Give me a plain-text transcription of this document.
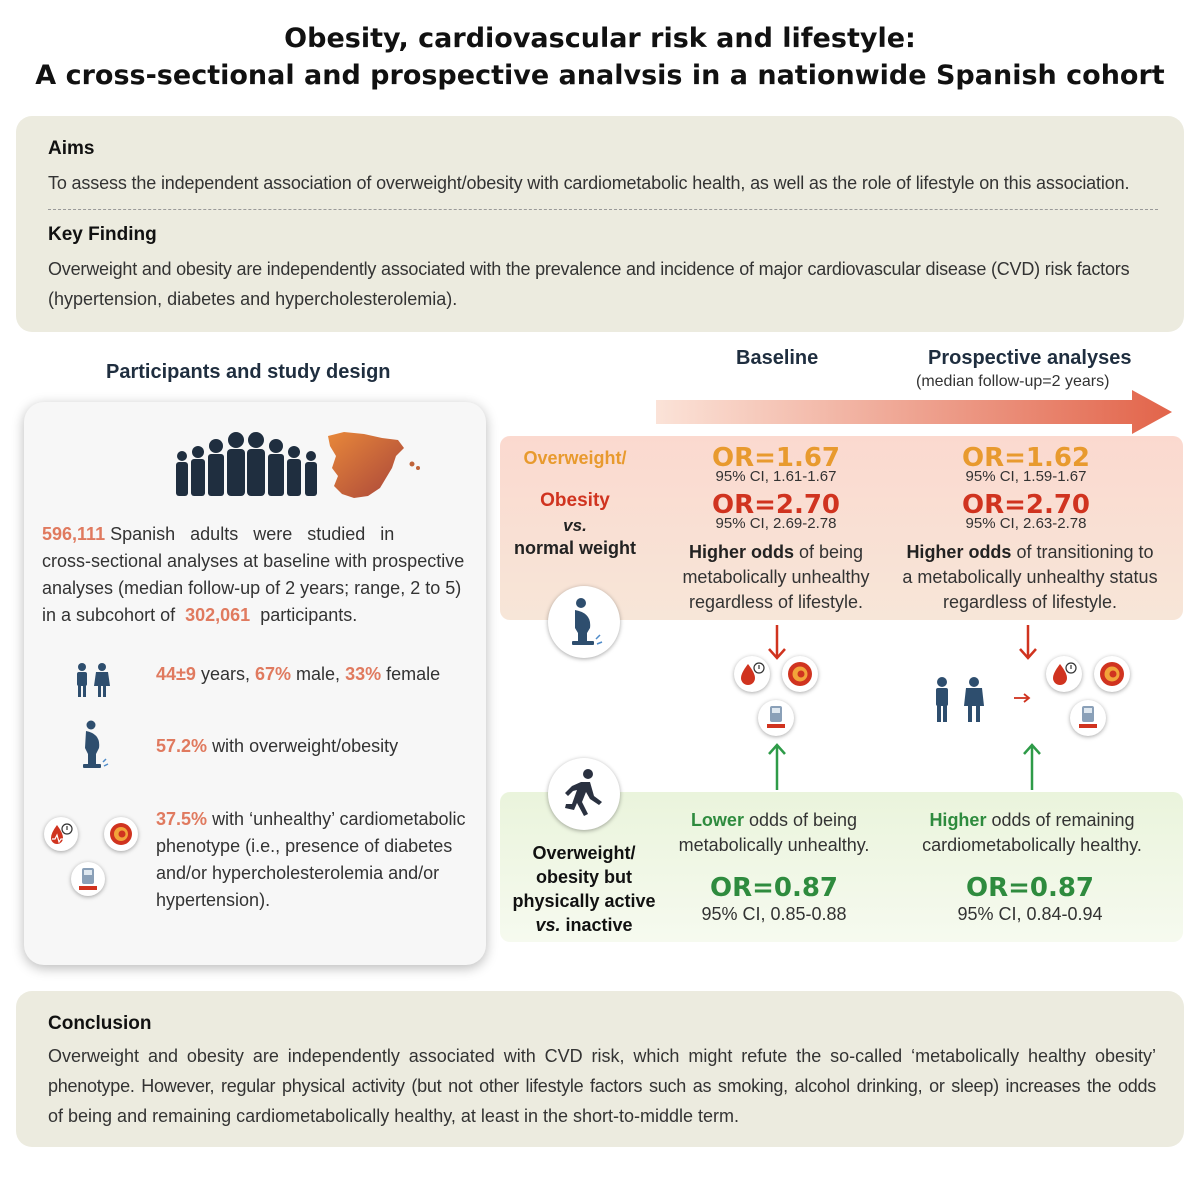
Obesity, cardiovascular risk and lifestyle:
A cross-sectional and prospective analvsis in a nationwide Spanish cohort
Aims
To assess the independent association of overweight/obesity with cardiometabolic health, as well as the role of lifestyle on this association.
Key Finding
Overweight and obesity are independently associated with the prevalence and incidence of major cardiovascular disease (CVD) risk factors
(hypertension, diabetes and hypercholesterolemia).
Participants and study design
596,111 Spanish   adults   were   studied   in
cross-sectional analyses at baseline with prospective
analyses (median follow-up of 2 years; range, 2 to 5)
in a subcohort of 302,061 participants.
44±9 years, 67% male, 33% female
57.2% with overweight/obesity
37.5% with ‘unhealthy’ cardiometabolic
phenotype (i.e., presence of diabetes
and/or hypercholesterolemia and/or
hypertension).
Baseline	Prospective analyses
(median follow-up=2 years)
Overweight/
Obesity
vs.
normal weight
OR=1.67
95% CI, 1.61-1.67
OR=2.70
95% CI, 2.69-2.78
Higher odds of being
metabolically unhealthy
regardless of lifestyle.
OR=1.62
95% CI, 1.59-1.67
OR=2.70
95% CI, 2.63-2.78
Higher odds of transitioning to
a metabolically unhealthy status
regardless of lifestyle.
Overweight/
obesity but
physically active
vs. inactive
Lower odds of being
metabolically unhealthy.
OR=0.87
95% CI, 0.85-0.88
Higher odds of remaining
cardiometabolically healthy.
OR=0.87
95% CI, 0.84-0.94
Conclusion
Overweight and obesity are independently associated with CVD risk, which might refute the so-called ‘metabolically healthy obesity’
phenotype. However, regular physical activity (but not other lifestyle factors such as smoking, alcohol drinking, or sleep) increases the odds
of being and remaining cardiometabolically healthy, at least in the short-to-middle term.
